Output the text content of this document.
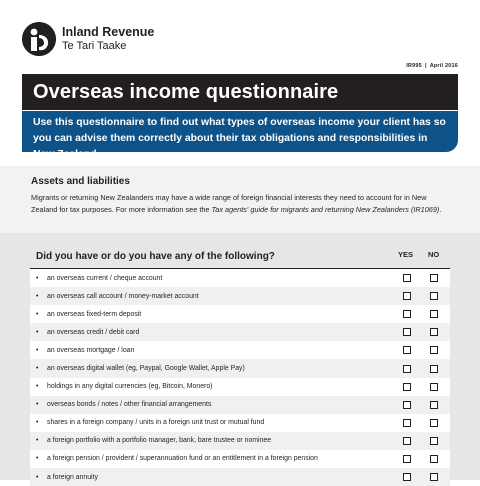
Inland Revenue
Te Tari Taake
IR995 | April 2016
Overseas income questionnaire
Use this questionnaire to find out what types of overseas income your client has so you can advise them correctly about their tax obligations and responsibilities in New Zealand.
Assets and liabilities

Migrants or returning New Zealanders may have a wide range of foreign financial interests they need to account for in New Zealand for tax purposes. For more information see the Tax agents' guide for migrants and returning New Zealanders (IR1069).

Did you have or do you have any of the following?	YES NO
• an overseas current / cheque account
• an overseas call account / money-market account
• an overseas fixed-term deposit
• an overseas credit / debit card
• an overseas mortgage / loan
• an overseas digital wallet (eg, Paypal, Google Wallet, Apple Pay)
• holdings in any digital currencies (eg, Bitcoin, Monero)
• overseas bonds / notes / other financial arrangements
• shares in a foreign company / units in a foreign unit trust or mutual fund
• a foreign portfolio with a portfolio manager, bank, bare trustee or nominee
• a foreign pension / provident / superannuation fund or an entitlement in a foreign pension
• a foreign annuity
